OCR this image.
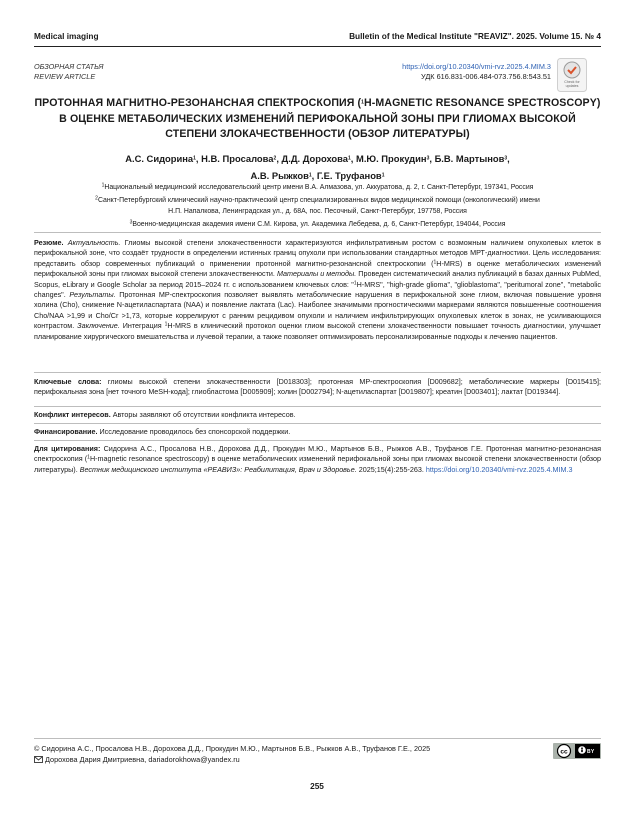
Medical imaging	Bulletin of the Medical Institute "REAVIZ". 2025. Volume 15. № 4
ОБЗОРНАЯ СТАТЬЯ
REVIEW ARTICLE
https://doi.org/10.20340/vmi-rvz.2025.4.MIM.3
УДК 616.831-006.484-073.756.8:543.51
Check for updates
ПРОТОННАЯ МАГНИТНО-РЕЗОНАНСНАЯ СПЕКТРОСКОПИЯ ($^1$H-MAGNETIC RESONANCE SPECTROSCOPY) В ОЦЕНКЕ МЕТАБОЛИЧЕСКИХ ИЗМЕНЕНИЙ ПЕРИФОКАЛЬНОЙ ЗОНЫ ПРИ ГЛИОМАХ ВЫСОКОЙ СТЕПЕНИ ЗЛОКАЧЕСТВЕННОСТИ (ОБЗОР ЛИТЕРАТУРЫ)
А.С. Сидорина$^1$, Н.В. Просалова$^2$, Д.Д. Дорохова$^1$, М.Ю. Прокудин$^3$, Б.В. Мартынов$^3$,
А.В. Рыжков$^1$, Г.Е. Труфанов$^1$
$^1$Национальный медицинский исследовательский центр имени В.А. Алмазова, ул. Аккуратова, д. 2, г. Санкт-Петербург, 197341, Россия
$^2$Санкт-Петербургский клинический научно-практический центр специализированных видов медицинской помощи (онкологический) имени Н.П. Напалкова, Ленинградская ул., д. 68А, пос. Песочный, Санкт-Петербург, 197758, Россия
$^3$Военно-медицинская академия имени С.М. Кирова, ул. Академика Лебедева, д. 6, Санкт-Петербург, 194044, Россия
Резюме. Актуальность. Глиомы высокой степени злокачественности характеризуются инфильтративным ростом с возможным наличием опухолевых клеток в перифокальной зоне, что создаёт трудности в определении истинных границ опухоли при использовании стандартных методов МРТ-диагностики. Цель исследования: представить обзор современных публикаций о применении протонной магнитно-резонансной спектроскопии ($^1$H-MRS) в оценке метаболических изменений перифокальной зоны при глиомах высокой степени злокачественности. Материалы и методы. Проведен систематический анализ публикаций в базах данных PubMed, Scopus, eLibrary и Google Scholar за период 2015–2024 гг. с использованием ключевых слов: "$^1$H-MRS", "high-grade glioma", "glioblastoma", "peritumoral zone", "metabolic changes". Результаты. Протонная МР-спектроскопия позволяет выявлять метаболические нарушения в перифокальной зоне глиом, включая повышение уровня холина (Cho), снижение N-ацетиласпартата (NAA) и появление лактата (Lac). Наиболее значимыми прогностическими маркерами являются повышенные соотношения Cho/NAA >1,99 и Cho/Cr >1,73, которые коррелируют с ранним рецидивом опухоли и наличием инфильтрирующих опухолевых клеток в зонах, не усиливающихся контрастом. Заключение. Интеграция $^1$H-MRS в клинический протокол оценки глиом высокой степени злокачественности повышает точность диагностики, улучшает планирование хирургического вмешательства и лучевой терапии, а также позволяет оптимизировать персонализированные подходы к лечению пациентов.
Ключевые слова: глиомы высокой степени злокачественности [D018303]; протонная МР-спектроскопия [D009682]; метаболические маркеры [D015415]; перифокальная зона [нет точного MeSH-кода]; глиобластома [D005909]; холин [D002794]; N-ацетиласпартат [D019807]; креатин [D003401]; лактат [D019344].
Конфликт интересов. Авторы заявляют об отсутствии конфликта интересов.
Финансирование. Исследование проводилось без спонсорской поддержки.
Для цитирования: Сидорина А.С., Просалова Н.В., Дорохова Д.Д., Прокудин М.Ю., Мартынов Б.В., Рыжков А.В., Труфанов Г.Е. Протонная магнитно-резонансная спектроскопия ($^1$H-magnetic resonance spectroscopy) в оценке метаболических изменений перифокальной зоны при глиомах высокой степени злокачественности (обзор литературы). Вестник медицинского института «РЕАВИЗ»: Реабилитация, Врач и Здоровье. 2025;15(4):255-263. https://doi.org/10.20340/vmi-rvz.2025.4.MIM.3
© Сидорина А.С., Просалова Н.В., Дорохова Д.Д., Прокудин М.Ю., Мартынов Б.В., Рыжков А.В., Труфанов Г.Е., 2025
Дорохова Дария Дмитриевна, dariadorokhowa@yandex.ru
cc	BY
255
